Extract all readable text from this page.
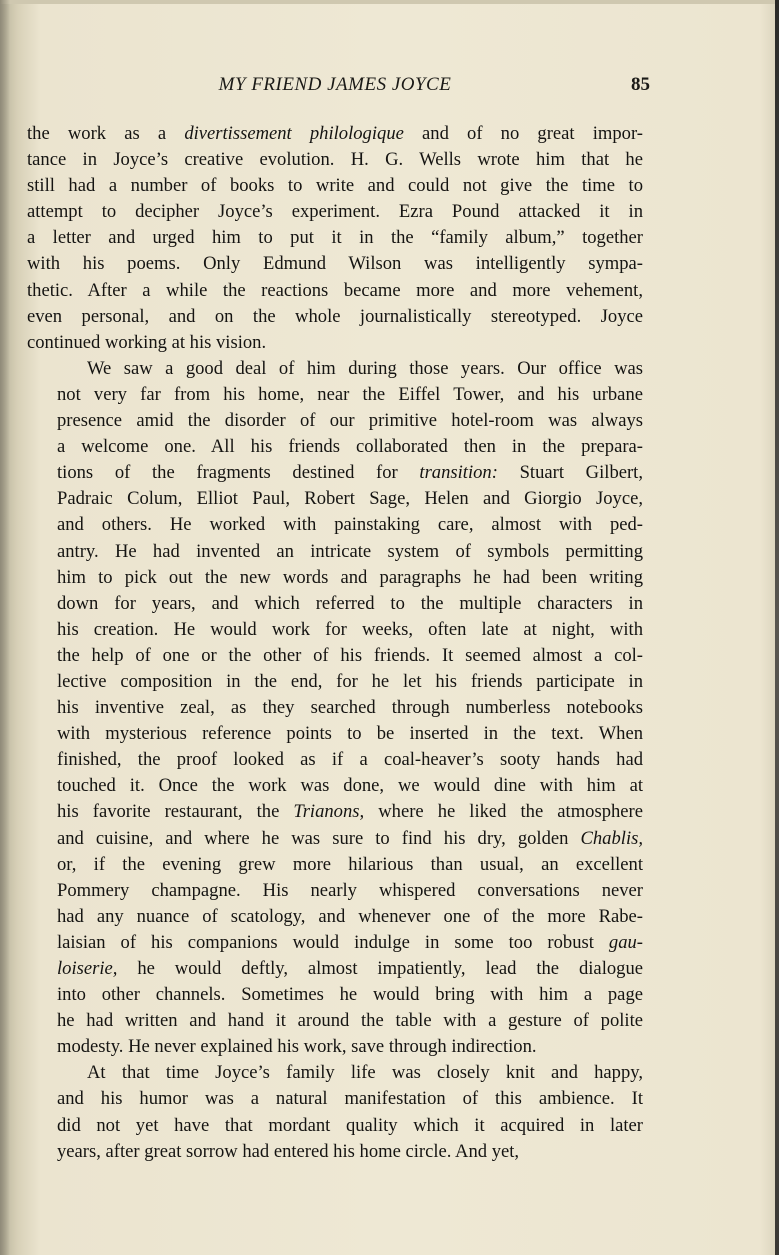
MY FRIEND JAMES JOYCE	85
the work as a divertissement philologique and of no great impor-
tance in Joyce’s creative evolution. H. G. Wells wrote him that he
still had a number of books to write and could not give the time to
attempt to decipher Joyce’s experiment. Ezra Pound attacked it in
a letter and urged him to put it in the “family album,” together
with his poems. Only Edmund Wilson was intelligently sympa-
thetic. After a while the reactions became more and more vehement,
even personal, and on the whole journalistically stereotyped. Joyce
continued working at his vision.
We saw a good deal of him during those years. Our office was
not very far from his home, near the Eiffel Tower, and his urbane
presence amid the disorder of our primitive hotel-room was always
a welcome one. All his friends collaborated then in the prepara-
tions of the fragments destined for transition: Stuart Gilbert,
Padraic Colum, Elliot Paul, Robert Sage, Helen and Giorgio Joyce,
and others. He worked with painstaking care, almost with ped-
antry. He had invented an intricate system of symbols permitting
him to pick out the new words and paragraphs he had been writing
down for years, and which referred to the multiple characters in
his creation. He would work for weeks, often late at night, with
the help of one or the other of his friends. It seemed almost a col-
lective composition in the end, for he let his friends participate in
his inventive zeal, as they searched through numberless notebooks
with mysterious reference points to be inserted in the text. When
finished, the proof looked as if a coal-heaver’s sooty hands had
touched it. Once the work was done, we would dine with him at
his favorite restaurant, the Trianons, where he liked the atmosphere
and cuisine, and where he was sure to find his dry, golden Chablis,
or, if the evening grew more hilarious than usual, an excellent
Pommery champagne. His nearly whispered conversations never
had any nuance of scatology, and whenever one of the more Rabe-
laisian of his companions would indulge in some too robust gau-
loiserie, he would deftly, almost impatiently, lead the dialogue
into other channels. Sometimes he would bring with him a page
he had written and hand it around the table with a gesture of polite
modesty. He never explained his work, save through indirection.
At that time Joyce’s family life was closely knit and happy,
and his humor was a natural manifestation of this ambience. It
did not yet have that mordant quality which it acquired in later
years, after great sorrow had entered his home circle. And yet,
